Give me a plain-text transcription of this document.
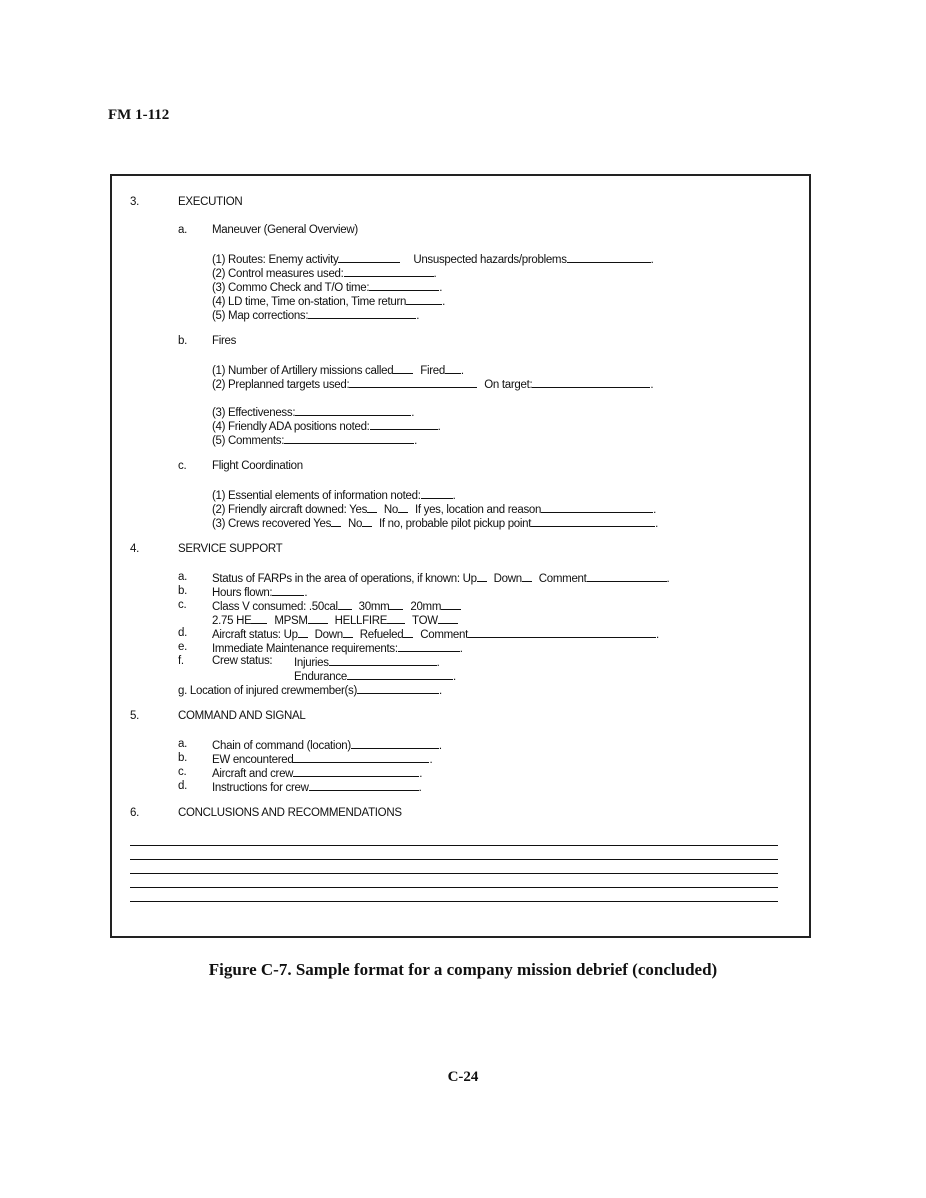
FM 1-112
3.	EXECUTION
a. Maneuver (General Overview)
(1) Routes: Enemy activity	Unsuspected hazards/problems	.
(2) Control measures used:	.
(3) Commo Check and T/O time:	.
(4) LD time, Time on-station, Time return	.
(5) Map corrections:	.
b. Fires
(1) Number of Artillery missions called Fired .
(2) Preplanned targets used:	On target:	.
(3) Effectiveness:	.
(4) Friendly ADA positions noted:	.
(5) Comments:	.
c. Flight Coordination
(1) Essential elements of information noted:	.
(2) Friendly aircraft downed: Yes No If yes, location and reason	.
(3) Crews recovered Yes No If no, probable pilot pickup point	.
4.	SERVICE SUPPORT
a. Status of FARPs in the area of operations, if known: Up Down Comment	.
b. Hours flown:	.
c. Class V consumed: .50cal 30mm 20mm
2.75 HE MPSM HELLFIRE TOW
d. Aircraft status: Up Down Refueled Comment	.
e. Immediate Maintenance requirements:	.
f. Crew status: Injuries	.
Endurance	.
g. Location of injured crewmember(s)	.
5.	COMMAND AND SIGNAL
a. Chain of command (location)	.
b. EW encountered	.
c. Aircraft and crew	.
d. Instructions for crew	.
6.	CONCLUSIONS AND RECOMMENDATIONS
Figure C-7. Sample format for a company mission debrief (concluded)
C-24
